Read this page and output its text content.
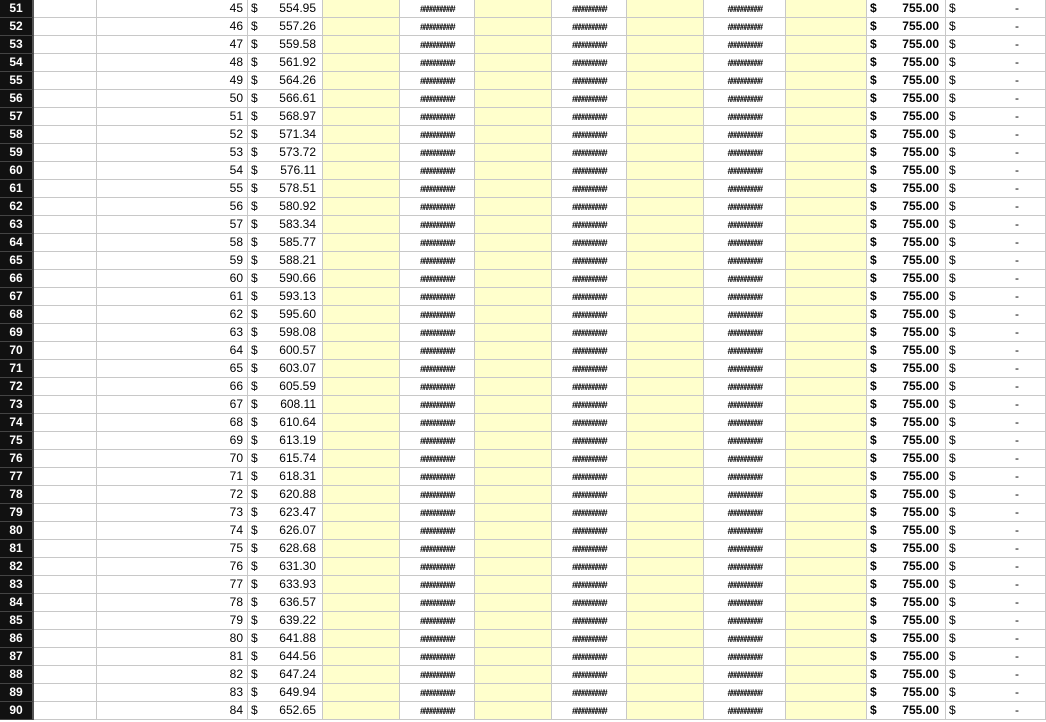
51	45 $ 554.95	##########	##########	##########	$ 755.00 $	-
52	46 $ 557.26	##########	##########	##########	$ 755.00 $	-
53	47 $ 559.58	##########	##########	##########	$ 755.00 $	-
54	48 $ 561.92	##########	##########	##########	$ 755.00 $	-
55	49 $ 564.26	##########	##########	##########	$ 755.00 $	-
56	50 $ 566.61	##########	##########	##########	$ 755.00 $	-
57	51 $ 568.97	##########	##########	##########	$ 755.00 $	-
58	52 $ 571.34	##########	##########	##########	$ 755.00 $	-
59	53 $ 573.72	##########	##########	##########	$ 755.00 $	-
60	54 $ 576.11	##########	##########	##########	$ 755.00 $	-
61	55 $ 578.51	##########	##########	##########	$ 755.00 $	-
62	56 $ 580.92	##########	##########	##########	$ 755.00 $	-
63	57 $ 583.34	##########	##########	##########	$ 755.00 $	-
64	58 $ 585.77	##########	##########	##########	$ 755.00 $	-
65	59 $ 588.21	##########	##########	##########	$ 755.00 $	-
66	60 $ 590.66	##########	##########	##########	$ 755.00 $	-
67	61 $ 593.13	##########	##########	##########	$ 755.00 $	-
68	62 $ 595.60	##########	##########	##########	$ 755.00 $	-
69	63 $ 598.08	##########	##########	##########	$ 755.00 $	-
70	64 $ 600.57	##########	##########	##########	$ 755.00 $	-
71	65 $ 603.07	##########	##########	##########	$ 755.00 $	-
72	66 $ 605.59	##########	##########	##########	$ 755.00 $	-
73	67 $ 608.11	##########	##########	##########	$ 755.00 $	-
74	68 $ 610.64	##########	##########	##########	$ 755.00 $	-
75	69 $ 613.19	##########	##########	##########	$ 755.00 $	-
76	70 $ 615.74	##########	##########	##########	$ 755.00 $	-
77	71 $ 618.31	##########	##########	##########	$ 755.00 $	-
78	72 $ 620.88	##########	##########	##########	$ 755.00 $	-
79	73 $ 623.47	##########	##########	##########	$ 755.00 $	-
80	74 $ 626.07	##########	##########	##########	$ 755.00 $	-
81	75 $ 628.68	##########	##########	##########	$ 755.00 $	-
82	76 $ 631.30	##########	##########	##########	$ 755.00 $	-
83	77 $ 633.93	##########	##########	##########	$ 755.00 $	-
84	78 $ 636.57	##########	##########	##########	$ 755.00 $	-
85	79 $ 639.22	##########	##########	##########	$ 755.00 $	-
86	80 $ 641.88	##########	##########	##########	$ 755.00 $	-
87	81 $ 644.56	##########	##########	##########	$ 755.00 $	-
88	82 $ 647.24	##########	##########	##########	$ 755.00 $	-
89	83 $ 649.94	##########	##########	##########	$ 755.00 $	-
90	84 $ 652.65	##########	##########	##########	$ 755.00 $	-
